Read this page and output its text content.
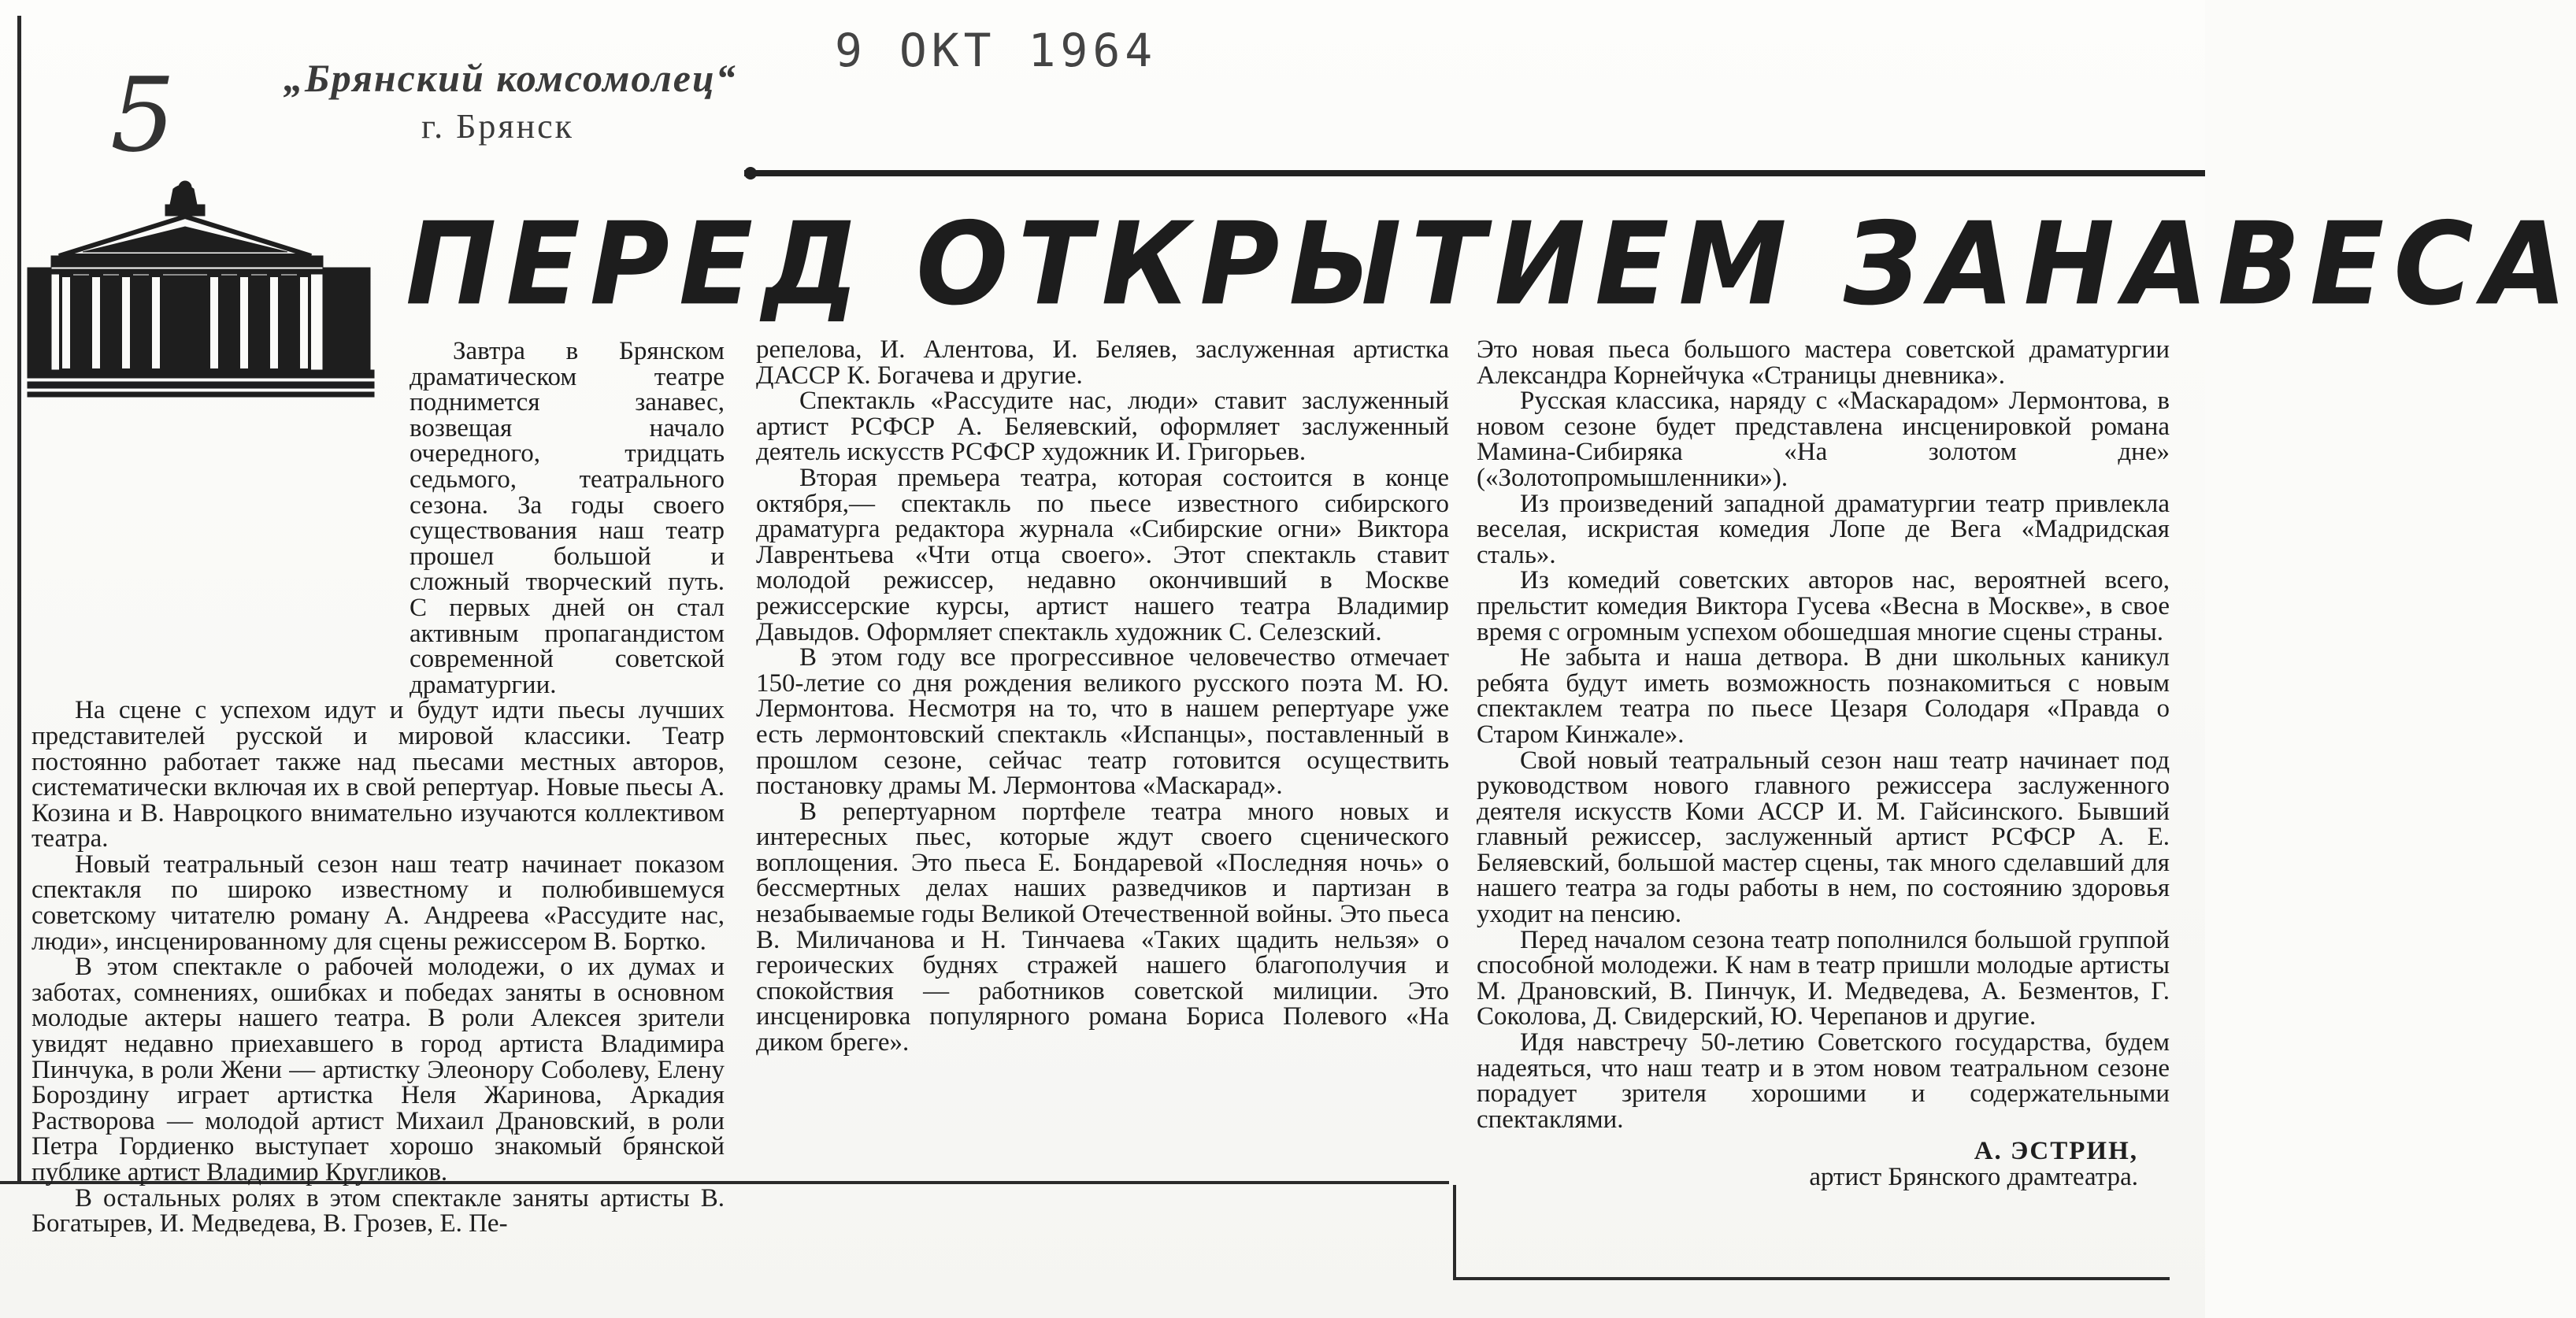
5	„Брянский комсомолец“
г. Брянск
9 ОКТ 1964
ПЕРЕД ОТКРЫТИЕМ ЗАНАВЕСА

Завтра в Брянском драматическом театре поднимется занавес, возвещая начало очередного, тридцать седьмого, театрального сезона. За годы своего существования наш театр прошел большой и сложный творческий путь. С первых дней он стал активным пропагандистом современной советской драматургии.

На сцене с успехом идут и будут идти пьесы лучших представителей русской и мировой классики. Театр постоянно работает также над пьесами местных авторов, систематически включая их в свой репертуар. Новые пьесы А. Козина и В. Навроцкого внимательно изучаются коллективом театра.

Новый театральный сезон наш театр начинает показом спектакля по широко известному и полюбившемуся советскому читателю роману А. Андреева «Рассудите нас, люди», инсценированному для сцены режиссером В. Бортко.

В этом спектакле о рабочей молодежи, о их думах и заботах, сомнениях, ошибках и победах заняты в основном молодые актеры нашего театра. В роли Алексея зрители увидят недавно приехавшего в город артиста Владимира Пинчука, в роли Жени — артистку Элеонору Соболеву, Елену Бороздину играет артистка Неля Жаринова, Аркадия Растворова — молодой артист Михаил Драновский, в роли Петра Гордиенко выступает хорошо знакомый брянской публике артист Владимир Кругликов.

В остальных ролях в этом спектакле заняты артисты В. Богатырев, И. Медведева, В. Грозев, Е. Пе-

репелова, И. Алентова, И. Беляев, заслуженная артистка ДАССР К. Богачева и другие.

Спектакль «Рассудите нас, люди» ставит заслуженный артист РСФСР А. Беляевский, оформляет заслуженный деятель искусств РСФСР художник И. Григорьев.

Вторая премьера театра, которая состоится в конце октября,— спектакль по пьесе известного сибирского драматурга редактора журнала «Сибирские огни» Виктора Лаврентьева «Чти отца своего». Этот спектакль ставит молодой режиссер, недавно окончивший в Москве режиссерские курсы, артист нашего театра Владимир Давыдов. Оформляет спектакль художник С. Селезский.

В этом году все прогрессивное человечество отмечает 150-летие со дня рождения великого русского поэта М. Ю. Лермонтова. Несмотря на то, что в нашем репертуаре уже есть лермонтовский спектакль «Испанцы», поставленный в прошлом сезоне, сейчас театр готовится осуществить постановку драмы М. Лермонтова «Маскарад».

В репертуарном портфеле театра много новых и интересных пьес, которые ждут своего сценического воплощения. Это пьеса Е. Бондаревой «Последняя ночь» о бессмертных делах наших разведчиков и партизан в незабываемые годы Великой Отечественной войны. Это пьеса В. Миличанова и Н. Тинчаева «Таких щадить нельзя» о героических буднях стражей нашего благополучия и спокойствия — работников советской милиции. Это инсценировка популярного романа Бориса Полевого «На диком бреге».

Это новая пьеса большого мастера советской драматургии Александра Корнейчука «Страницы дневника».

Русская классика, наряду с «Маскарадом» Лермонтова, в новом сезоне будет представлена инсценировкой романа Мамина-Сибиряка «На золотом дне» («Золотопромышленники»).

Из произведений западной драматургии театр привлекла веселая, искристая комедия Лопе де Вега «Мадридская сталь».

Из комедий советских авторов нас, вероятней всего, прельстит комедия Виктора Гусева «Весна в Москве», в свое время с огромным успехом обошедшая многие сцены страны.

Не забыта и наша детвора. В дни школьных каникул ребята будут иметь возможность познакомиться с новым спектаклем театра по пьесе Цезаря Солодаря «Правда о Старом Кинжале».

Свой новый театральный сезон наш театр начинает под руководством нового главного режиссера заслуженного деятеля искусств Коми АССР И. М. Гайсинского. Бывший главный режиссер, заслуженный артист РСФСР А. Е. Беляевский, большой мастер сцены, так много сделавший для нашего театра за годы работы в нем, по состоянию здоровья уходит на пенсию.

Перед началом сезона театр пополнился большой группой способной молодежи. К нам в театр пришли молодые артисты М. Драновский, В. Пинчук, И. Медведева, А. Безментов, Г. Соколова, Д. Свидерский, Ю. Черепанов и другие.

Идя навстречу 50-летию Советского государства, будем надеяться, что наш театр и в этом новом театральном сезоне порадует зрителя хорошими и содержательными спектаклями.

А. ЭСТРИН,
артист Брянского драмтеатра.
